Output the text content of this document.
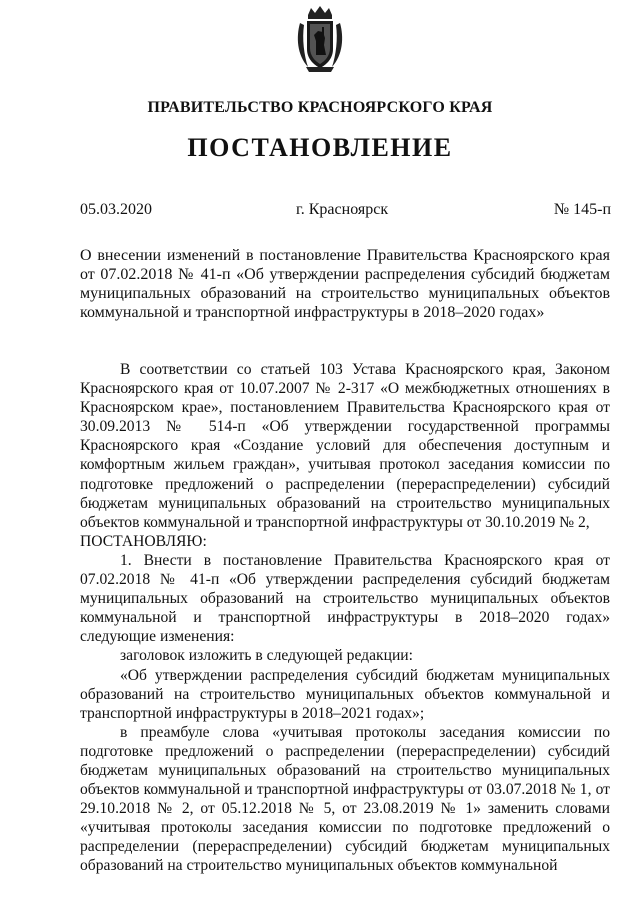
ПРАВИТЕЛЬСТВО КРАСНОЯРСКОГО КРАЯ
ПОСТАНОВЛЕНИЕ
05.03.2020	г. Красноярск	№ 145-п
О внесении изменений в постановление Правительства Красноярского края от 07.02.2018 № 41-п «Об утверждении распределения субсидий бюджетам муниципальных образований на строительство муниципальных объектов коммунальной и транспортной инфраструктуры в 2018–2020 годах»

В соответствии со статьей 103 Устава Красноярского края, Законом Красноярского края от 10.07.2007 № 2-317 «О межбюджетных отношениях в Красноярском крае», постановлением Правительства Красноярского края от 30.09.2013 № 514-п «Об утверждении государственной программы Красноярского края «Создание условий для обеспечения доступным и комфортным жильем граждан», учитывая протокол заседания комиссии по подготовке предложений о распределении (перераспределении) субсидий бюджетам муниципальных образований на строительство муниципальных объектов коммунальной и транспортной инфраструктуры от 30.10.2019 № 2,

ПОСТАНОВЛЯЮ:

1. Внести в постановление Правительства Красноярского края от 07.02.2018 № 41-п «Об утверждении распределения субсидий бюджетам муниципальных образований на строительство муниципальных объектов коммунальной и транспортной инфраструктуры в 2018–2020 годах» следующие изменения:

заголовок изложить в следующей редакции:

«Об утверждении распределения субсидий бюджетам муниципальных образований на строительство муниципальных объектов коммунальной и транспортной инфраструктуры в 2018–2021 годах»;

в преамбуле слова «учитывая протоколы заседания комиссии по подготовке предложений о распределении (перераспределении) субсидий бюджетам муниципальных образований на строительство муниципальных объектов коммунальной и транспортной инфраструктуры от 03.07.2018 № 1, от 29.10.2018 № 2, от 05.12.2018 № 5, от 23.08.2019 № 1» заменить словами «учитывая протоколы заседания комиссии по подготовке предложений о распределении (перераспределении) субсидий бюджетам муниципальных образований на строительство муниципальных объектов коммунальной
